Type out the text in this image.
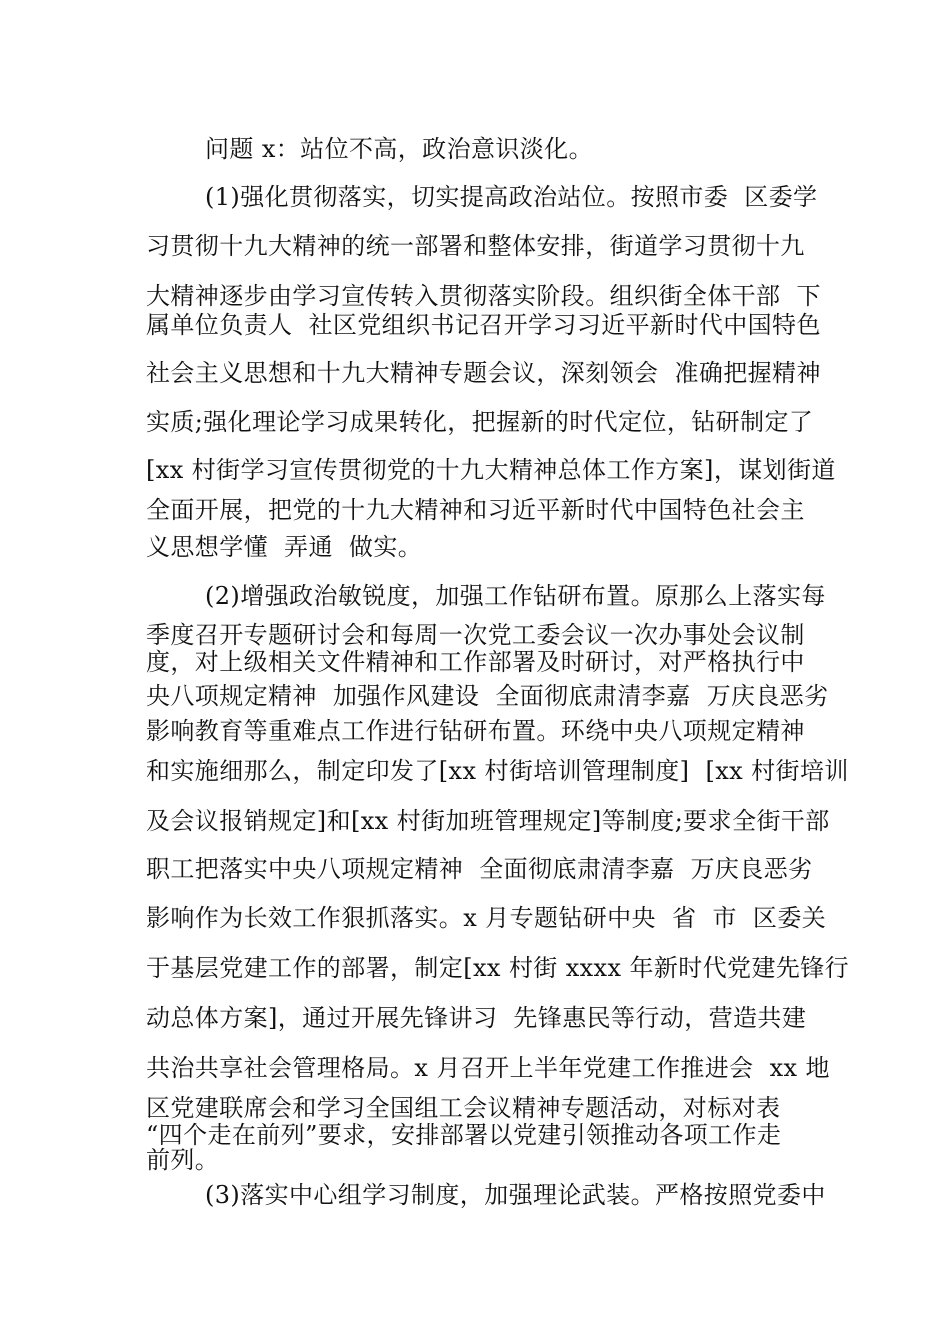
问题 x：站位不高，政治意识淡化。
(1)强化贯彻落实，切实提高政治站位。按照市委  区委学
习贯彻十九大精神的统一部署和整体安排，街道学习贯彻十九
大精神逐步由学习宣传转入贯彻落实阶段。组织街全体干部  下
属单位负责人  社区党组织书记召开学习习近平新时代中国特色
社会主义思想和十九大精神专题会议，深刻领会  准确把握精神
实质;强化理论学习成果转化，把握新的时代定位，钻研制定了
[xx 村街学习宣传贯彻党的十九大精神总体工作方案]，谋划街道
全面开展，把党的十九大精神和习近平新时代中国特色社会主
义思想学懂  弄通  做实。
(2)增强政治敏锐度，加强工作钻研布置。原那么上落实每
季度召开专题研讨会和每周一次党工委会议一次办事处会议制
度，对上级相关文件精神和工作部署及时研讨，对严格执行中
央八项规定精神  加强作风建设  全面彻底肃清李嘉  万庆良恶劣
影响教育等重难点工作进行钻研布置。环绕中央八项规定精神
和实施细那么，制定印发了[xx 村街培训管理制度]  [xx 村街培训
及会议报销规定]和[xx 村街加班管理规定]等制度;要求全街干部
职工把落实中央八项规定精神  全面彻底肃清李嘉  万庆良恶劣
影响作为长效工作狠抓落实。x 月专题钻研中央  省  市  区委关
于基层党建工作的部署，制定[xx 村街 xxxx 年新时代党建先锋行
动总体方案]，通过开展先锋讲习  先锋惠民等行动，营造共建
共治共享社会管理格局。x 月召开上半年党建工作推进会  xx 地
区党建联席会和学习全国组工会议精神专题活动，对标对表
“四个走在前列”要求，安排部署以党建引领推动各项工作走
前列。
(3)落实中心组学习制度，加强理论武装。严格按照党委中
